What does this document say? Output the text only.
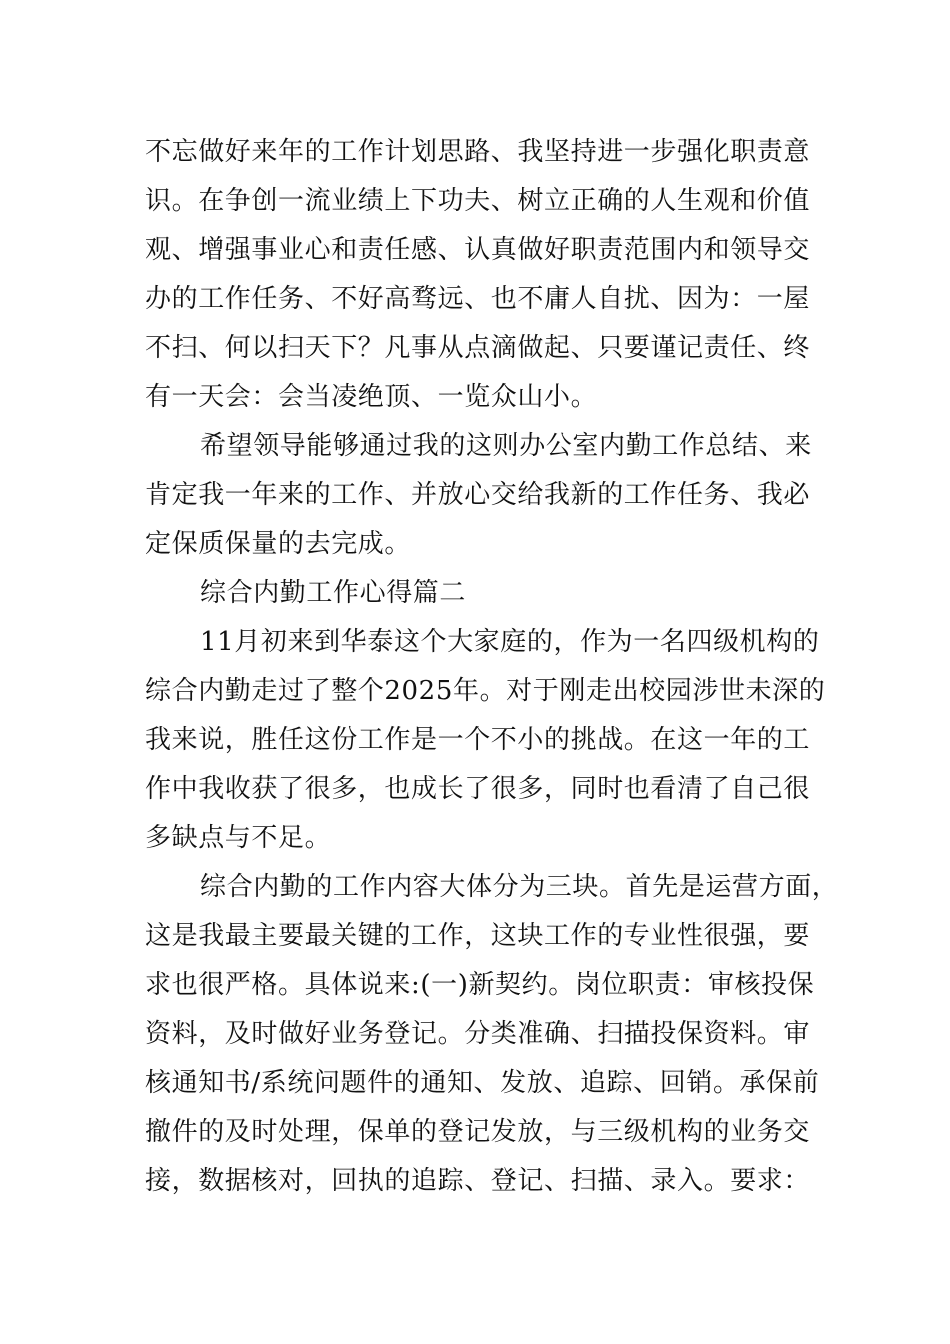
不忘做好来年的工作计划思路、我坚持进一步强化职责意
识。在争创一流业绩上下功夫、树立正确的人生观和价值
观、增强事业心和责任感、认真做好职责范围内和领导交
办的工作任务、不好高骛远、也不庸人自扰、因为：一屋
不扫、何以扫天下？凡事从点滴做起、只要谨记责任、终
有一天会：会当凌绝顶、一览众山小。
希望领导能够通过我的这则办公室内勤工作总结、来
肯定我一年来的工作、并放心交给我新的工作任务、我必
定保质保量的去完成。
综合内勤工作心得篇二
11月初来到华泰这个大家庭的，作为一名四级机构的
综合内勤走过了整个2025年。对于刚走出校园涉世未深的
我来说，胜任这份工作是一个不小的挑战。在这一年的工
作中我收获了很多，也成长了很多，同时也看清了自己很
多缺点与不足。
综合内勤的工作内容大体分为三块。首先是运营方面，
这是我最主要最关键的工作，这块工作的专业性很强，要
求也很严格。具体说来:(一)新契约。岗位职责：审核投保
资料，及时做好业务登记。分类准确、扫描投保资料。审
核通知书/系统问题件的通知、发放、追踪、回销。承保前
撤件的及时处理，保单的登记发放，与三级机构的业务交
接，数据核对，回执的追踪、登记、扫描、录入。要求：
